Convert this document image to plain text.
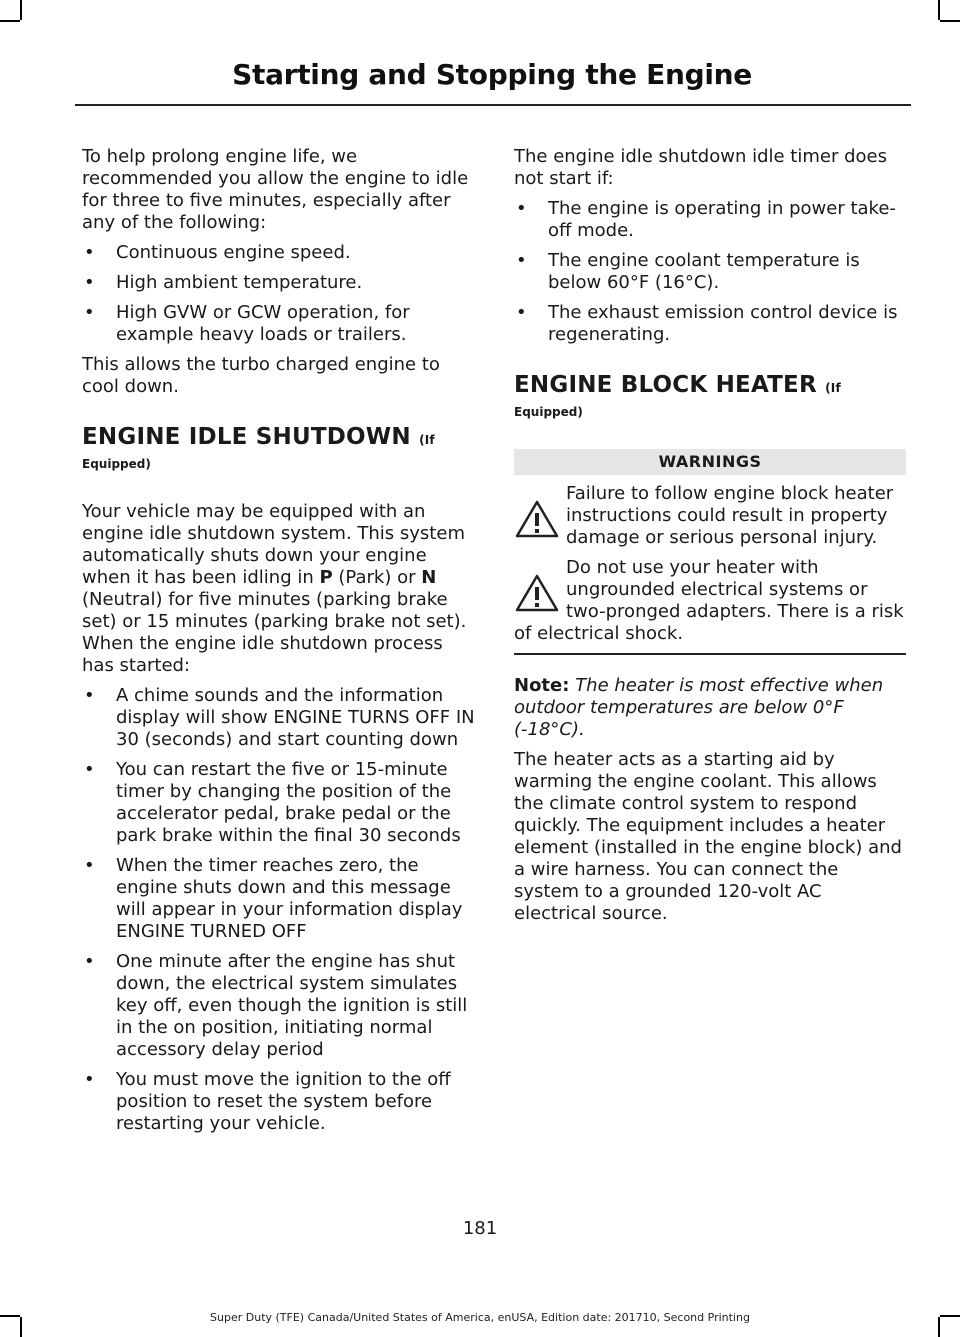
Starting and Stopping the Engine

To help prolong engine life, we recommended you allow the engine to idle for three to five minutes, especially after any of the following:

• Continuous engine speed.
• High ambient temperature.
• High GVW or GCW operation, for example heavy loads or trailers.

This allows the turbo charged engine to cool down.

ENGINE IDLE SHUTDOWN (If
Equipped)

Your vehicle may be equipped with an engine idle shutdown system. This system automatically shuts down your engine when it has been idling in P (Park) or N (Neutral) for five minutes (parking brake set) or 15 minutes (parking brake not set). When the engine idle shutdown process has started:

• A chime sounds and the information display will show ENGINE TURNS OFF IN 30 (seconds) and start counting down
• You can restart the five or 15-minute timer by changing the position of the accelerator pedal, brake pedal or the park brake within the final 30 seconds
• When the timer reaches zero, the engine shuts down and this message will appear in your information display ENGINE TURNED OFF
• One minute after the engine has shut down, the electrical system simulates key off, even though the ignition is still in the on position, initiating normal accessory delay period
• You must move the ignition to the off position to reset the system before restarting your vehicle.

The engine idle shutdown idle timer does not start if:

• The engine is operating in power take-off mode.
• The engine coolant temperature is below 60°F (16°C).
• The exhaust emission control device is regenerating.
ENGINE BLOCK HEATER (If
Equipped)
WARNINGS
Failure to follow engine block heater instructions could result in property damage or serious personal injury.
Do not use your heater with ungrounded electrical systems or two-pronged adapters. There is a risk of electrical shock.

Note: The heater is most effective when outdoor temperatures are below 0°F (-18°C).

The heater acts as a starting aid by warming the engine coolant. This allows the climate control system to respond quickly. The equipment includes a heater element (installed in the engine block) and a wire harness. You can connect the system to a grounded 120-volt AC electrical source.

181
Super Duty (TFE) Canada/United States of America, enUSA, Edition date: 201710, Second Printing
